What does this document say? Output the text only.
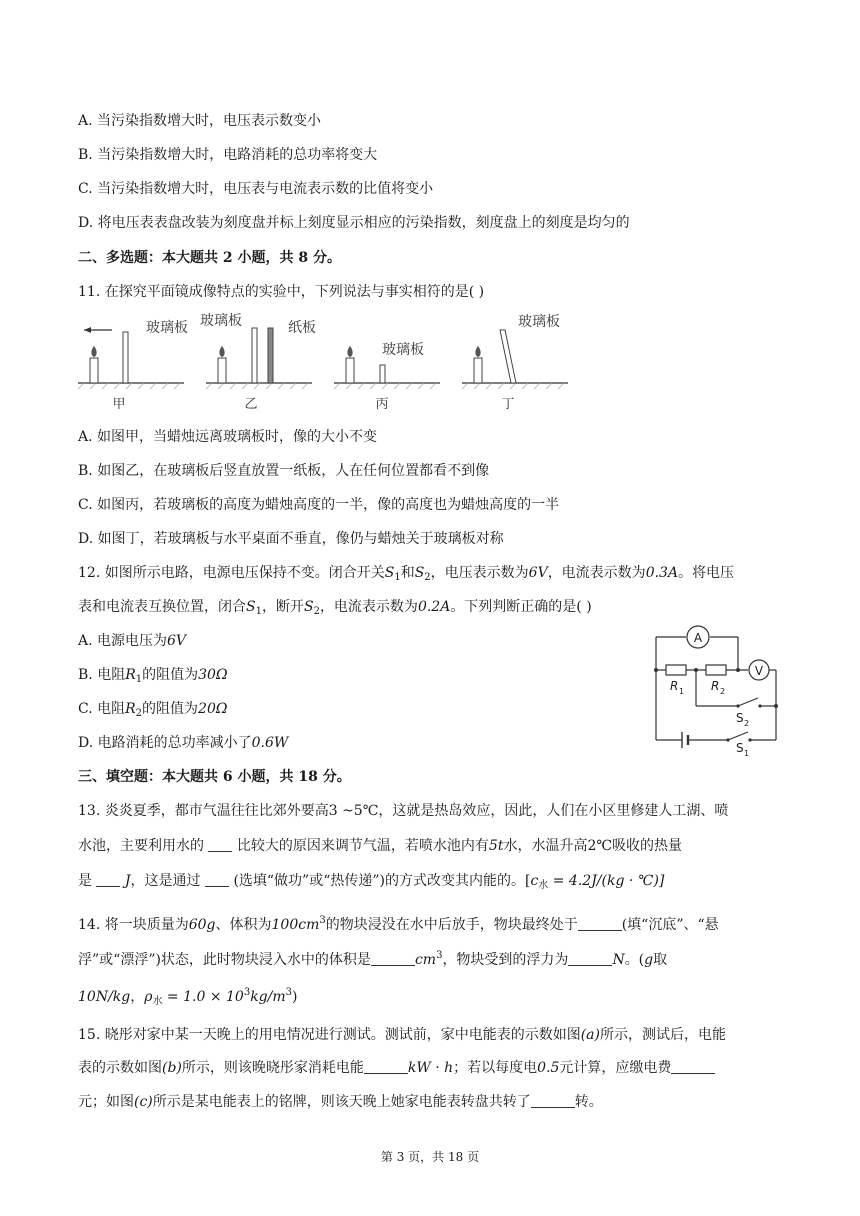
A. 当污染指数增大时，电压表示数变小
B. 当污染指数增大时，电路消耗的总功率将变大
C. 当污染指数增大时，电压表与电流表示数的比值将变小
D. 将电压表表盘改装为刻度盘并标上刻度显示相应的污染指数，刻度盘上的刻度是均匀的
二、多选题：本大题共 2 小题，共 8 分。
11. 在探究平面镜成像特点的实验中，下列说法与事实相符的是( )
玻璃板 玻璃板	纸板
玻璃板
玻璃板
甲	乙	丙	丁
A. 如图甲，当蜡烛远离玻璃板时，像的大小不变
B. 如图乙，在玻璃板后竖直放置一纸板，人在任何位置都看不到像
C. 如图丙，若玻璃板的高度为蜡烛高度的一半，像的高度也为蜡烛高度的一半
D. 如图丁，若玻璃板与水平桌面不垂直，像仍与蜡烛关于玻璃板对称
12. 如图所示电路，电源电压保持不变。闭合开关$S_1$和$S_2$，电压表示数为6V，电流表示数为0.3A。将电压
表和电流表互换位置，闭合$S_1$，断开$S_2$，电流表示数为0.2A。下列判断正确的是( )
A. 电源电压为6V
B. 电阻$R_1$的阻值为30Ω
C. 电阻$R_2$的阻值为20Ω
D. 电路消耗的总功率减小了0.6W
A
V
R 1 R 2
S 2
S 1
三、填空题：本大题共 6 小题，共 18 分。
13. 炎炎夏季，都市气温往往比郊外要高3 ~5℃，这就是热岛效应，因此，人们在小区里修建人工湖、喷
水池，主要利用水的 比较大的原因来调节气温，若喷水池内有5t水，水温升高2℃吸收的热量
是 J，这是通过 (选填“做功”或“热传递”)的方式改变其内能的。[$c_水 = 4.2J/(kg$ · ℃)]
14. 将一块质量为60g、体积为$100cm^3$的物块浸没在水中后放手，物块最终处于	(填“沉底”、“悬
浮”或“漂浮”)状态，此时物块浸入水中的体积是	$cm^3$，物块受到的浮力为	N。(g取
10N/kg，$\rho_水 = 1.0 \times 10^3kg/m^3$)
15. 晓彤对家中某一天晚上的用电情况进行测试。测试前，家中电能表的示数如图(a)所示，测试后，电能
表的示数如图(b)所示，则该晚晓彤家消耗电能	kW · h；若以每度电0.5元计算，应缴电费
元；如图(c)所示是某电能表上的铭牌，则该天晚上她家电能表转盘共转了	转。
第 3 页，共 18 页
